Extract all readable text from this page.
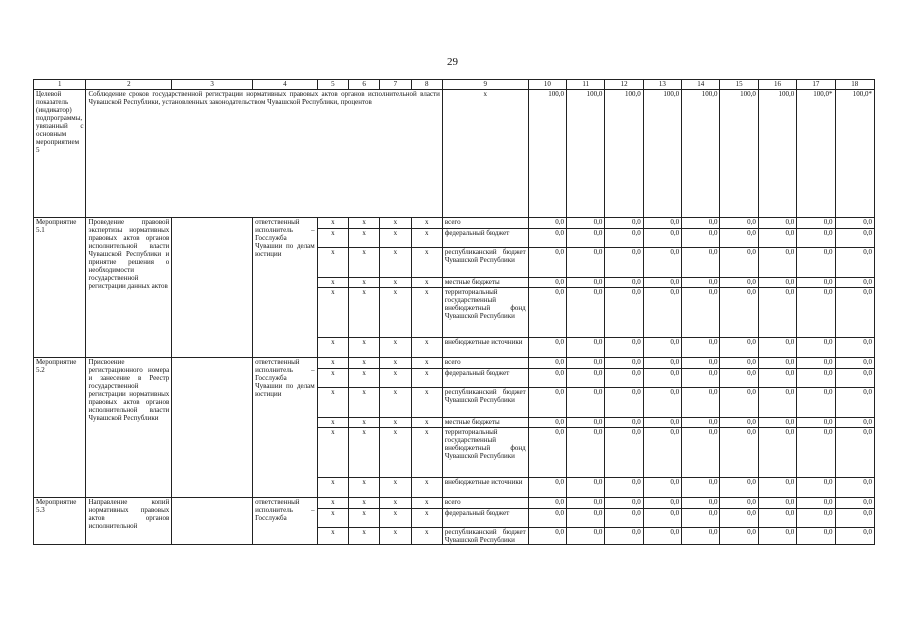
29
1	2	3	4	5	6	7	8	9	10	11	12	13	14	15	16	17	18
Целевой показатель (индикатор) подпрограммы, увязанный с основным мероприятием 5	Соблюдение сроков государственной регистрации нормативных правовых актов органов исполнительной власти Чувашской Республики, установленных законодательством Чувашской Республики, процентов							x	100,0	100,0	100,0	100,0	100,0	100,0	100,0	100,0*	100,0*
Мероприятие 5.1	Проведение правовой экспертизы нормативных правовых актов органов исполнительной власти Чувашской Республики и принятие решения о необходимости государственной регистрации данных актов		ответственный исполнитель – Госслужба Чувашии по делам юстиции	x	x	x	x	всего	0,0	0,0	0,0	0,0	0,0	0,0	0,0	0,0	0,0
				x	x	x	x	федеральный бюджет	0,0	0,0	0,0	0,0	0,0	0,0	0,0	0,0	0,0
				x	x	x	x	республиканский бюджет Чувашской Республики	0,0	0,0	0,0	0,0	0,0	0,0	0,0	0,0	0,0
				x	x	x	x	местные бюджеты	0,0	0,0	0,0	0,0	0,0	0,0	0,0	0,0	0,0
				x	x	x	x	территориальный государственный внебюджетный фонд Чувашской Республики	0,0	0,0	0,0	0,0	0,0	0,0	0,0	0,0	0,0
				x	x	x	x	внебюджетные источники	0,0	0,0	0,0	0,0	0,0	0,0	0,0	0,0	0,0
Мероприятие 5.2	Присвоение регистрационного номера и занесение в Реестр государственной регистрации нормативных правовых актов органов исполнительной власти Чувашской Республики		ответственный исполнитель – Госслужба Чувашии по делам юстиции	x	x	x	x	всего	0,0	0,0	0,0	0,0	0,0	0,0	0,0	0,0	0,0
				x	x	x	x	федеральный бюджет	0,0	0,0	0,0	0,0	0,0	0,0	0,0	0,0	0,0
				x	x	x	x	республиканский бюджет Чувашской Республики	0,0	0,0	0,0	0,0	0,0	0,0	0,0	0,0	0,0
				x	x	x	x	местные бюджеты	0,0	0,0	0,0	0,0	0,0	0,0	0,0	0,0	0,0
				x	x	x	x	территориальный государственный внебюджетный фонд Чувашской Республики	0,0	0,0	0,0	0,0	0,0	0,0	0,0	0,0	0,0
				x	x	x	x	внебюджетные источники	0,0	0,0	0,0	0,0	0,0	0,0	0,0	0,0	0,0
Мероприятие 5.3	Направление копий нормативных правовых актов органов исполнительной		ответственный исполнитель – Госслужба	x	x	x	x	всего	0,0	0,0	0,0	0,0	0,0	0,0	0,0	0,0	0,0
				x	x	x	x	федеральный бюджет	0,0	0,0	0,0	0,0	0,0	0,0	0,0	0,0	0,0
				x	x	x	x	республиканский бюджет Чувашской Республики	0,0	0,0	0,0	0,0	0,0	0,0	0,0	0,0	0,0
